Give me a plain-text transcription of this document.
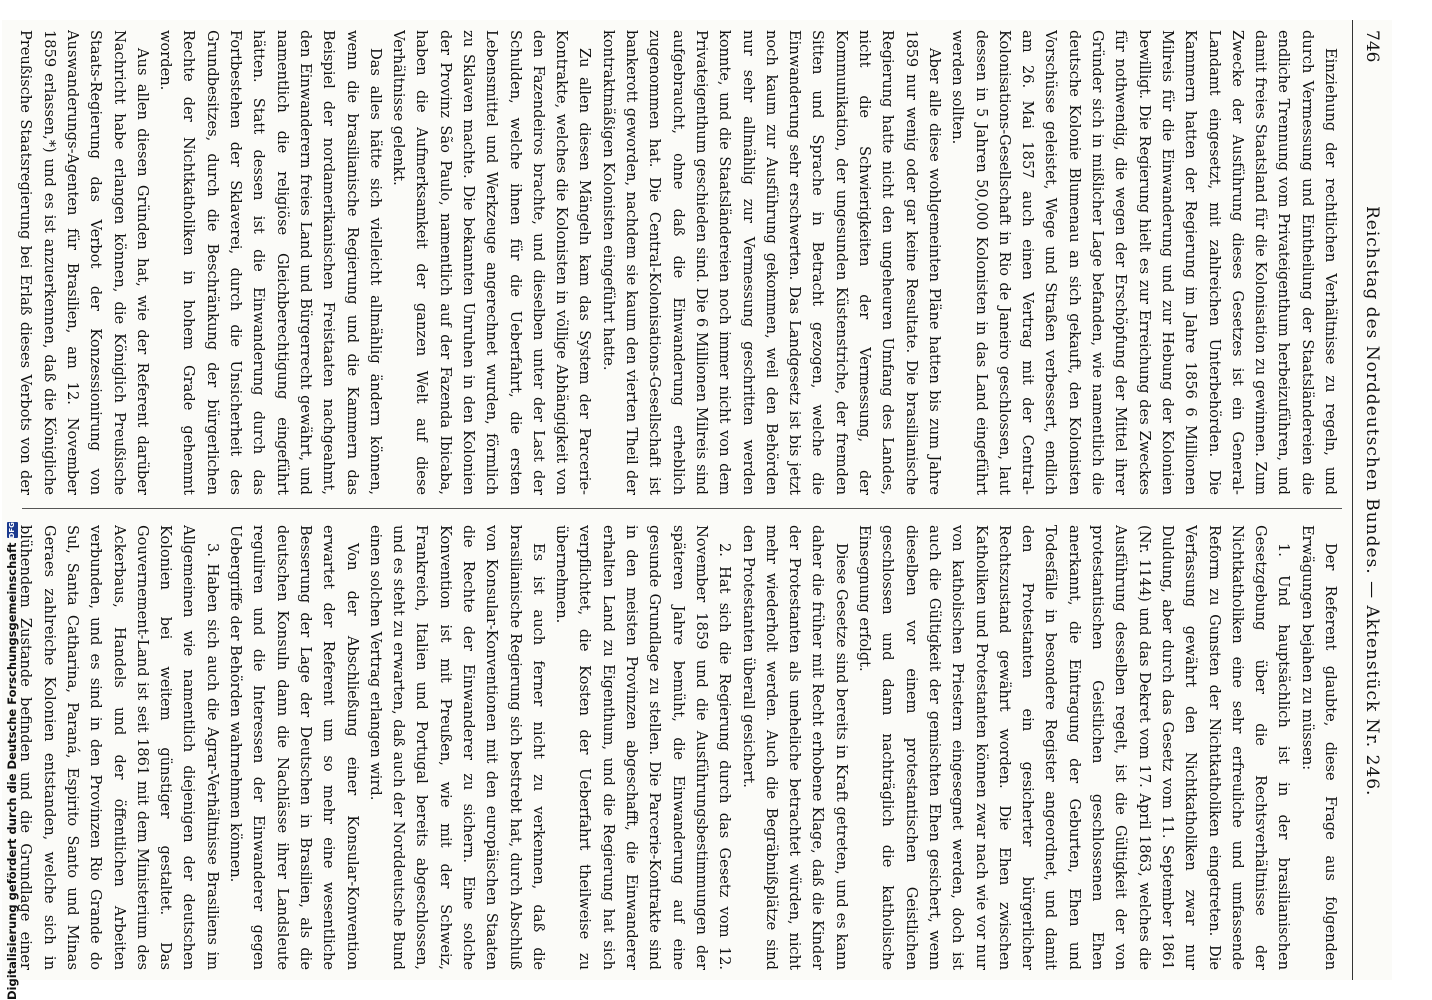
746
Reichstag des Norddeutschen Bundes. — Aktenstück Nr. 246.

Einziehung der rechtlichen Verhältnisse zu regeln, und durch Vermessung und Eintheilung der Staatsländereien die endliche Trennung vom Privateigenthum herbeizuführen, und damit freies Staatsland für die Kolonisation zu gewinnen. Zum Zwecke der Ausführung dieses Gesetzes ist ein General-Landamt eingesetzt, mit zahlreichen Unterbehörden. Die Kammern hatten der Regierung im Jahre 1856 6 Millionen Milreis für die Einwanderung und zur Hebung der Kolonien bewilligt. Die Regierung hielt es zur Erreichung des Zweckes für nothwendig, die wegen der Erschöpfung der Mittel ihrer Gründer sich in mißlicher Lage befanden, wie namentlich die deutsche Kolonie Blumenau an sich gekauft, den Kolonisten Vorschüsse geleistet, Wege und Straßen verbessert, endlich am 26. Mai 1857 auch einen Vertrag mit der Central-Kolonisations-Gesellschaft in Rio de Janeiro geschlossen, laut dessen in 5 Jahren 50,000 Kolonisten in das Land eingeführt werden sollten.

Aber alle diese wohlgemeinten Pläne hatten bis zum Jahre 1859 nur wenig oder gar keine Resultate. Die brasilianische Regierung hatte nicht den ungeheuren Umfang des Landes, nicht die Schwierigkeiten der Vermessung, der Kommunikation, der ungesunden Küstenstriche, der fremden Sitten und Sprache in Betracht gezogen, welche die Einwanderung sehr erschwerten. Das Landgesetz ist bis jetzt noch kaum zur Ausführung gekommen, weil den Behörden nur sehr allmählig zur Vermessung geschritten werden konnte, und die Staatsländereien noch immer nicht von dem Privateigenthum geschieden sind. Die 6 Millionen Milreis sind aufgebraucht, ohne daß die Einwanderung erheblich zugenommen hat. Die Central-Kolonisations-Gesellschaft ist bankerott geworden, nachdem sie kaum den vierten Theil der kontraktmäßigen Kolonisten eingeführt hatte.

Zu allen diesen Mängeln kam das System der Parcerie-Kontrakte, welches die Kolonisten in völlige Abhängigkeit von den Fazendeiros brachte, und dieselben unter der Last der Schulden, welche ihnen für die Ueberfahrt, die ersten Lebensmittel und Werkzeuge angerechnet wurden, förmlich zu Sklaven machte. Die bekannten Unruhen in den Kolonien der Provinz São Paulo, namentlich auf der Fazenda Ibicaba, haben die Aufmerksamkeit der ganzen Welt auf diese Verhältnisse gelenkt.

Das alles hätte sich vielleicht allmählig ändern können, wenn die brasilianische Regierung und die Kammern das Beispiel der nordamerikanischen Freistaaten nachgeahmt, den Einwanderern freies Land und Bürgerrecht gewährt, und namentlich die religiöse Gleichberechtigung eingeführt hätten. Statt dessen ist die Einwanderung durch das Fortbestehen der Sklaverei, durch die Unsicherheit des Grundbesitzes, durch die Beschränkung der bürgerlichen Rechte der Nichtkatholiken in hohem Grade gehemmt worden.

Aus allen diesen Gründen hat, wie der Referent darüber Nachricht habe erlangen können, die Königlich Preußische Staats-Regierung das Verbot der Konzessionirung von Auswanderungs-Agenten für Brasilien, am 12. November 1859 erlassen,*) und es ist anzuerkennen, daß die Königliche Preußische Staatsregierung bei Erlaß dieses Verbots von der

Der Referent glaubte, diese Frage aus folgenden Erwägungen bejahen zu müssen:

1. Und hauptsächlich ist in der brasilianischen Gesetzgebung über die Rechtsverhältnisse der Nichtkatholiken eine sehr erfreuliche und umfassende Reform zu Gunsten der Nichtkatholiken eingetreten. Die Verfassung gewährt den Nichtkatholiken zwar nur Duldung, aber durch das Gesetz vom 11. September 1861 (Nr. 1144) und das Dekret vom 17. April 1863, welches die Ausführung desselben regelt, ist die Gültigkeit der von protestantischen Geistlichen geschlossenen Ehen anerkannt, die Eintragung der Geburten, Ehen und Todesfälle in besondere Register angeordnet, und damit den Protestanten ein gesicherter bürgerlicher Rechtszustand gewährt worden. Die Ehen zwischen Katholiken und Protestanten können zwar nach wie vor nur von katholischen Priestern eingesegnet werden, doch ist auch die Gültigkeit der gemischten Ehen gesichert, wenn dieselben vor einem protestantischen Geistlichen geschlossen und dann nachträglich die katholische Einsegnung erfolgt.

Diese Gesetze sind bereits in Kraft getreten, und es kann daher die früher mit Recht erhobene Klage, daß die Kinder der Protestanten als uneheliche betrachtet würden, nicht mehr wiederholt werden. Auch die Begräbnißplätze sind den Protestanten überall gesichert.

2. Hat sich die Regierung durch das Gesetz vom 12. November 1859 und die Ausführungsbestimmungen der späteren Jahre bemüht, die Einwanderung auf eine gesunde Grundlage zu stellen. Die Parcerie-Kontrakte sind in den meisten Provinzen abgeschafft, die Einwanderer erhalten Land zu Eigenthum, und die Regierung hat sich verpflichtet, die Kosten der Ueberfahrt theilweise zu übernehmen.

Es ist auch ferner nicht zu verkennen, daß die brasilianische Regierung sich bestrebt hat, durch Abschluß von Konsular-Konventionen mit den europäischen Staaten die Rechte der Einwanderer zu sichern. Eine solche Konvention ist mit Preußen, wie mit der Schweiz, Frankreich, Italien und Portugal bereits abgeschlossen, und es steht zu erwarten, daß auch der Norddeutsche Bund einen solchen Vertrag erlangen wird.

Von der Abschließung einer Konsular-Konvention erwartet der Referent um so mehr eine wesentliche Besserung der Lage der Deutschen in Brasilien, als die deutschen Konsuln dann die Nachlässe ihrer Landsleute reguliren und die Interessen der Einwanderer gegen Uebergriffe der Behörden wahrnehmen können.

3. Haben sich auch die Agrar-Verhältnisse Brasiliens im Allgemeinen wie namentlich diejenigen der deutschen Kolonien bei weitem günstiger gestaltet. Das Gouvernement-Land ist seit 1861 mit dem Ministerium des Ackerbaus, Handels und der öffentlichen Arbeiten verbunden, und es sind in den Provinzen Rio Grande do Sul, Santa Catharina, Paraná, Espirito Santo und Minas Geraes zahlreiche Kolonien entstanden, welche sich in blühendem Zustande befinden und die Grundlage einer

Digitalisierung gefördert durch die Deutsche Forschungsgemeinschaft
DFG
